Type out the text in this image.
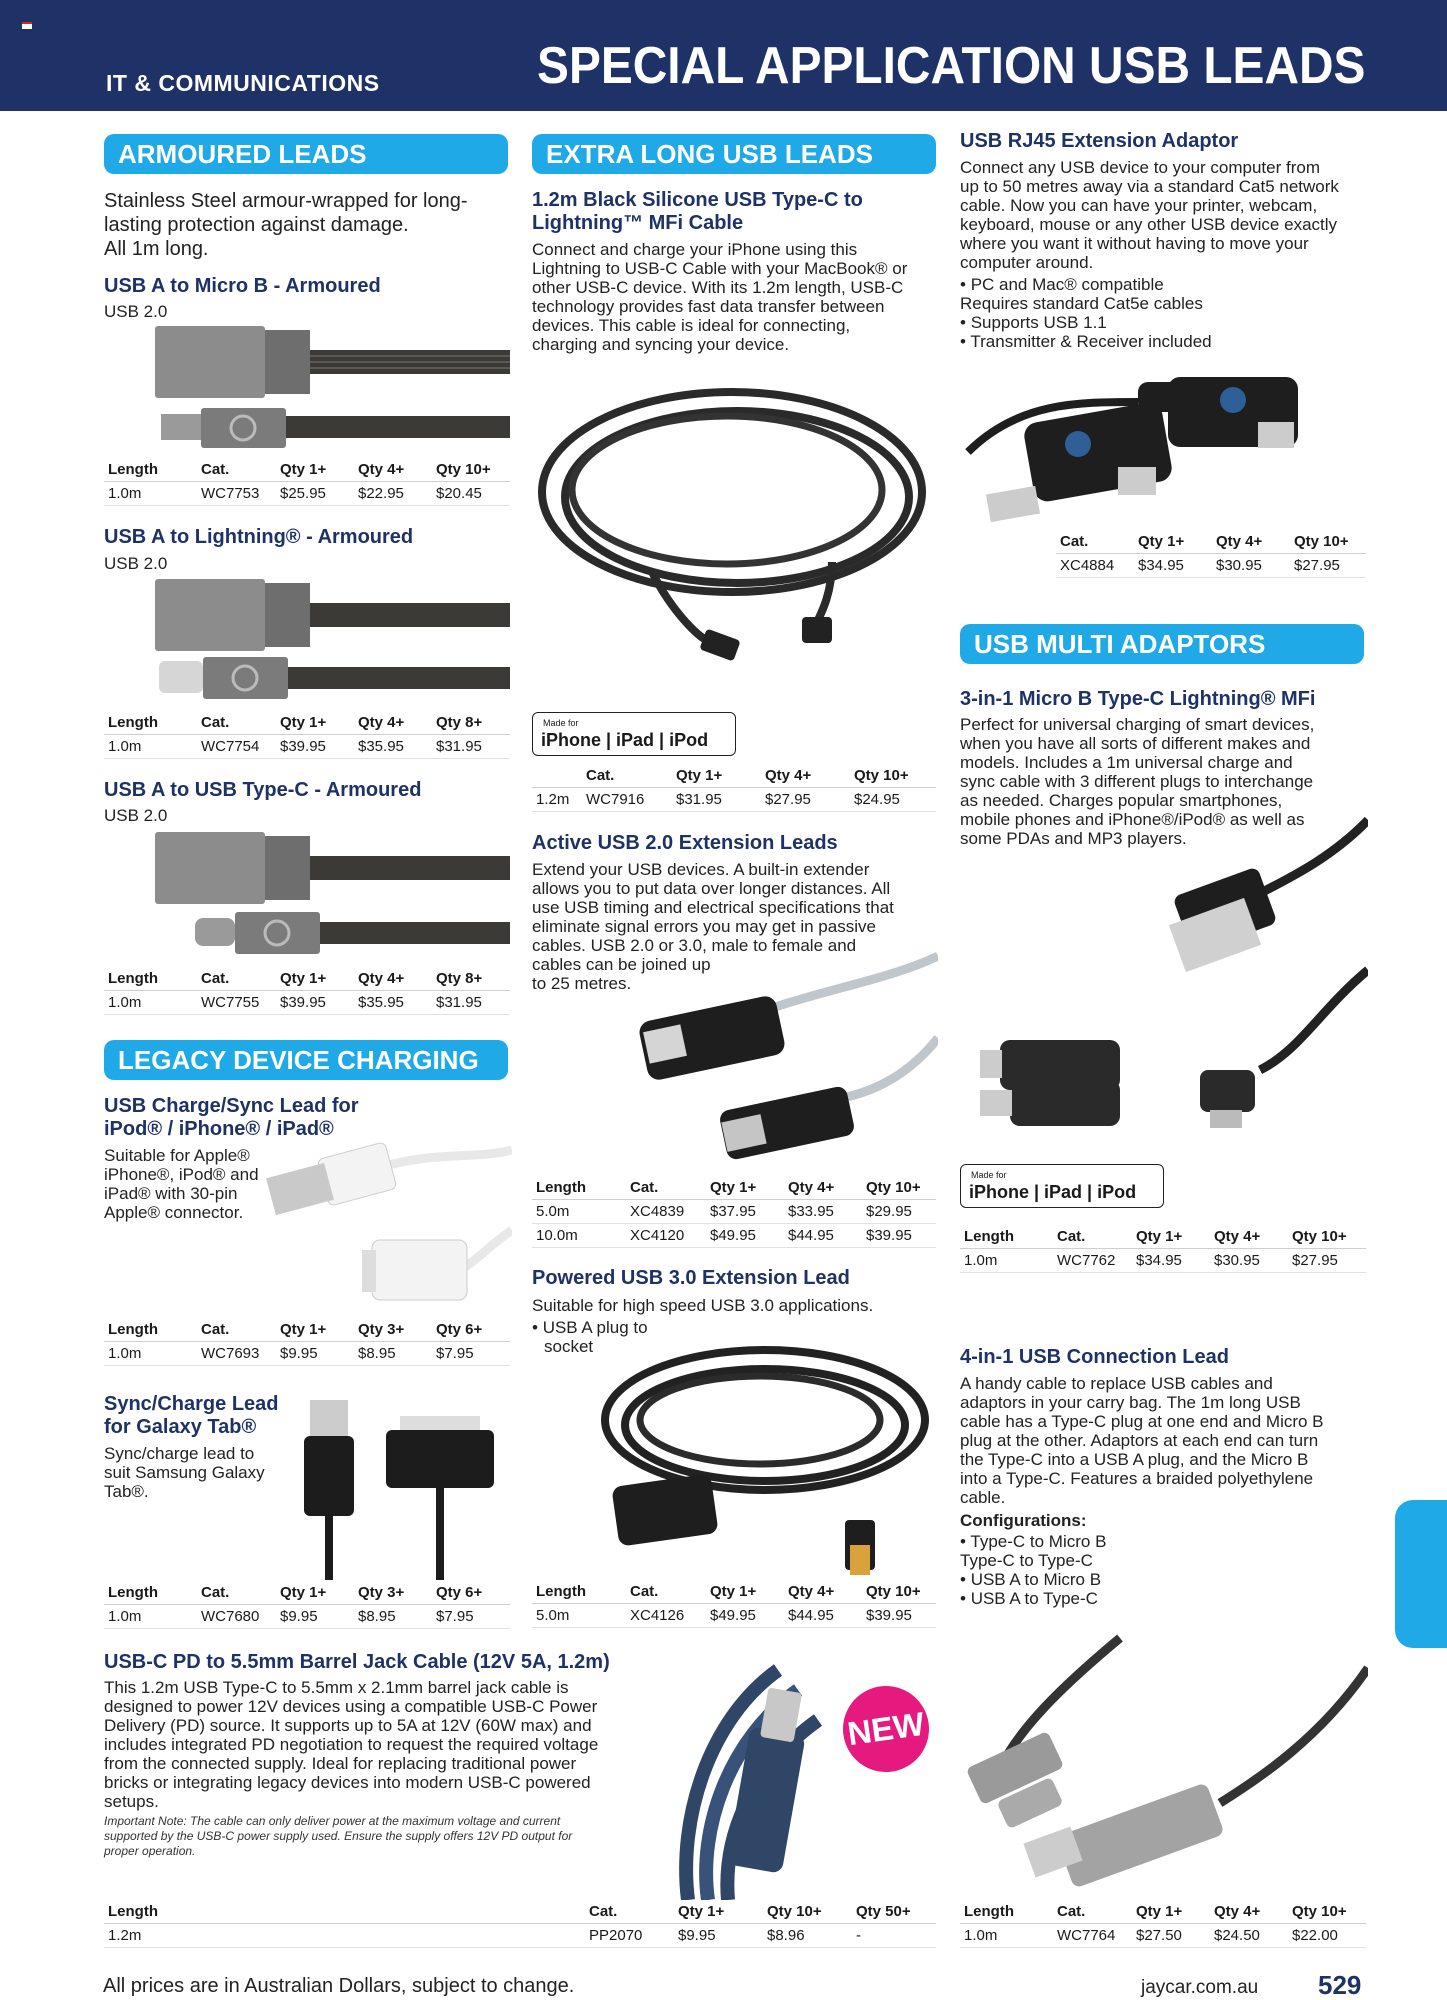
IT & COMMUNICATIONS	SPECIAL APPLICATION USB LEADS
ARMOURED LEADS
Stainless Steel armour-wrapped for long-
lasting protection against damage.
All 1m long.
USB A to Micro B - Armoured
USB 2.0
Length	Cat.	Qty 1+	Qty 4+	Qty 10+
1.0m	WC7753	$25.95	$22.95	$20.45
USB A to Lightning® - Armoured
USB 2.0
Length	Cat.	Qty 1+	Qty 4+	Qty 8+
1.0m	WC7754	$39.95	$35.95	$31.95
USB A to USB Type-C - Armoured
USB 2.0
Length	Cat.	Qty 1+	Qty 4+	Qty 8+
1.0m	WC7755	$39.95	$35.95	$31.95
LEGACY DEVICE CHARGING
USB Charge/Sync Lead for
iPod® / iPhone® / iPad®
Suitable for Apple®
iPhone®, iPod® and
iPad® with 30-pin
Apple® connector.
Length	Cat.	Qty 1+	Qty 3+	Qty 6+
1.0m	WC7693	$9.95	$8.95	$7.95
Sync/Charge Lead
for Galaxy Tab®
Sync/charge lead to
suit Samsung Galaxy
Tab®.
Length	Cat.	Qty 1+	Qty 3+	Qty 6+
1.0m	WC7680	$9.95	$8.95	$7.95
EXTRA LONG USB LEADS
1.2m Black Silicone USB Type-C to
Lightning™ MFi Cable
Connect and charge your iPhone using this
Lightning to USB-C Cable with your MacBook® or
other USB-C device. With its 1.2m length, USB-C
technology provides fast data transfer between
devices. This cable is ideal for connecting,
charging and syncing your device.
Made for
iPhone | iPad | iPod
	Cat.	Qty 1+	Qty 4+	Qty 10+
1.2m	WC7916	$31.95	$27.95	$24.95
Active USB 2.0 Extension Leads
Extend your USB devices. A built-in extender
allows you to put data over longer distances. All
use USB timing and electrical specifications that
eliminate signal errors you may get in passive
cables. USB 2.0 or 3.0, male to female and
cables can be joined up
to 25 metres.
Length	Cat.	Qty 1+	Qty 4+	Qty 10+
5.0m	XC4839	$37.95	$33.95	$29.95
10.0m	XC4120	$49.95	$44.95	$39.95
Powered USB 3.0 Extension Lead
Suitable for high speed USB 3.0 applications.
• USB A plug to
socket
Length	Cat.	Qty 1+	Qty 4+	Qty 10+
5.0m	XC4126	$49.95	$44.95	$39.95
USB RJ45 Extension Adaptor
Connect any USB device to your computer from
up to 50 metres away via a standard Cat5 network
cable. Now you can have your printer, webcam,
keyboard, mouse or any other USB device exactly
where you want it without having to move your
computer around.
• PC and Mac® compatible
Requires standard Cat5e cables
• Supports USB 1.1
• Transmitter & Receiver included
Cat.	Qty 1+	Qty 4+	Qty 10+
XC4884	$34.95	$30.95	$27.95
USB MULTI ADAPTORS
3-in-1 Micro B Type-C Lightning® MFi
Perfect for universal charging of smart devices,
when you have all sorts of different makes and
models. Includes a 1m universal charge and
sync cable with 3 different plugs to interchange
as needed. Charges popular smartphones,
mobile phones and iPhone®/iPod® as well as
some PDAs and MP3 players.
Made for
iPhone | iPad | iPod
Length	Cat.	Qty 1+	Qty 4+	Qty 10+
1.0m	WC7762	$34.95	$30.95	$27.95
4-in-1 USB Connection Lead
A handy cable to replace USB cables and
adaptors in your carry bag. The 1m long USB
cable has a Type-C plug at one end and Micro B
plug at the other. Adaptors at each end can turn
the Type-C into a USB A plug, and the Micro B
into a Type-C. Features a braided polyethylene
cable.
Configurations:
• Type-C to Micro B
Type-C to Type-C
• USB A to Micro B
• USB A to Type-C
Length	Cat.	Qty 1+	Qty 4+	Qty 10+
1.0m	WC7764	$27.50	$24.50	$22.00
USB-C PD to 5.5mm Barrel Jack Cable (12V 5A, 1.2m)
This 1.2m USB Type-C to 5.5mm x 2.1mm barrel jack cable is
designed to power 12V devices using a compatible USB-C Power
Delivery (PD) source. It supports up to 5A at 12V (60W max) and
includes integrated PD negotiation to request the required voltage
from the connected supply. Ideal for replacing traditional power
bricks or integrating legacy devices into modern USB-C powered
setups.
Important Note: The cable can only deliver power at the maximum voltage and current
supported by the USB-C power supply used. Ensure the supply offers 12V PD output for
proper operation.
NEW
Length	Cat.	Qty 1+	Qty 10+	Qty 50+
1.2m	PP2070	$9.95	$8.96	-
All prices are in Australian Dollars, subject to change.	jaycar.com.au 529
